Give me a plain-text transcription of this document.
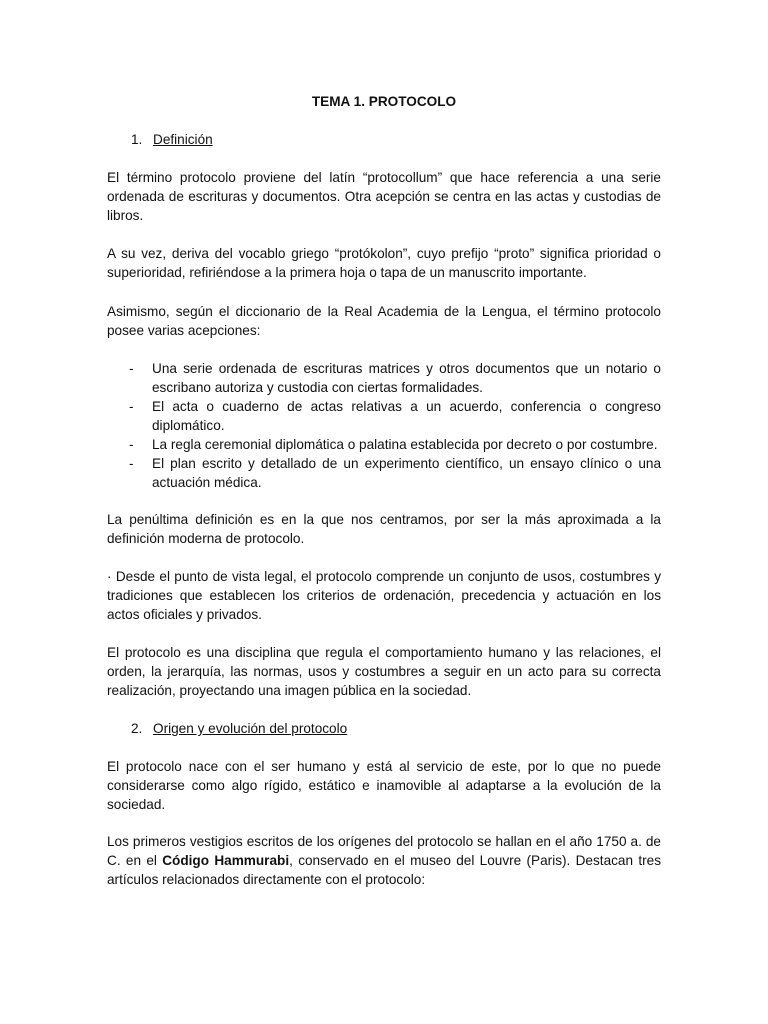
TEMA 1. PROTOCOLO
1. Definición

El término protocolo proviene del latín “protocollum” que hace referencia a una serie ordenada de escrituras y documentos. Otra acepción se centra en las actas y custodias de libros.

A su vez, deriva del vocablo griego “protókolon”, cuyo prefijo “proto” significa prioridad o superioridad, refiriéndose a la primera hoja o tapa de un manuscrito importante.

Asimismo, según el diccionario de la Real Academia de la Lengua, el término protocolo posee varias acepciones:

- Una serie ordenada de escrituras matrices y otros documentos que un notario o escribano autoriza y custodia con ciertas formalidades.
- El acta o cuaderno de actas relativas a un acuerdo, conferencia o congreso diplomático.
- La regla ceremonial diplomática o palatina establecida por decreto o por costumbre.
- El plan escrito y detallado de un experimento científico, un ensayo clínico o una actuación médica.

La penúltima definición es en la que nos centramos, por ser la más aproximada a la definición moderna de protocolo.

· Desde el punto de vista legal, el protocolo comprende un conjunto de usos, costumbres y tradiciones que establecen los criterios de ordenación, precedencia y actuación en los actos oficiales y privados.

El protocolo es una disciplina que regula el comportamiento humano y las relaciones, el orden, la jerarquía, las normas, usos y costumbres a seguir en un acto para su correcta realización, proyectando una imagen pública en la sociedad.

2. Origen y evolución del protocolo

El protocolo nace con el ser humano y está al servicio de este, por lo que no puede considerarse como algo rígido, estático e inamovible al adaptarse a la evolución de la sociedad.

Los primeros vestigios escritos de los orígenes del protocolo se hallan en el año 1750 a. de C. en el Código Hammurabi, conservado en el museo del Louvre (Paris). Destacan tres artículos relacionados directamente con el protocolo:
